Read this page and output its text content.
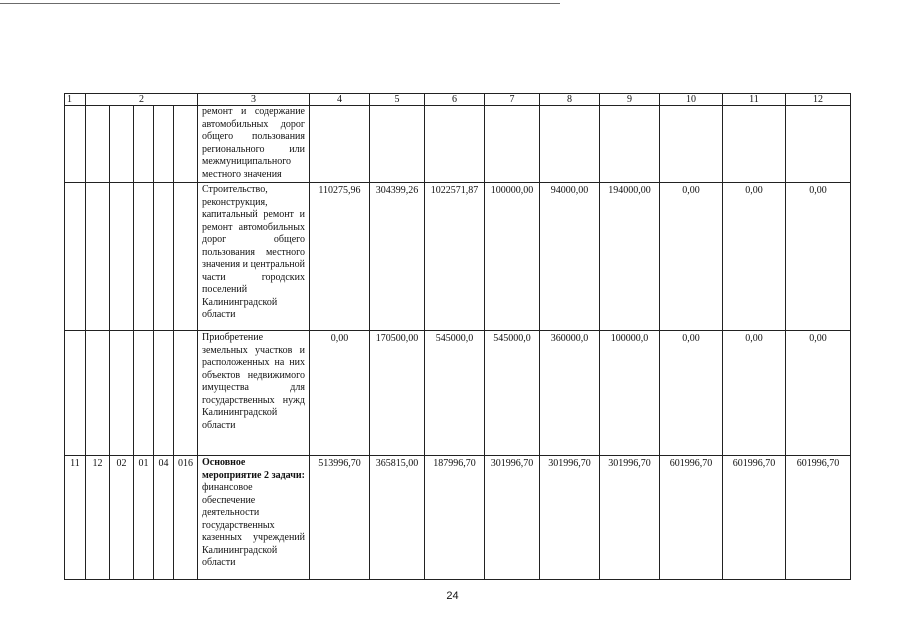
1	2					3	4	5	6	7	8	9	10	11	12
						ремонт и содержание автомобильных дорог общего пользования регионального или межмуниципального местного значения									
						Строительство, реконструкция, капитальный ремонт и ремонт автомобильных дорог общего пользования местного значения и центральной части городских поселений Калининградской области	110275,96	304399,26	1022571,87	100000,00	94000,00	194000,00	0,00	0,00	0,00
						Приобретение земельных участков и расположенных на них объектов недвижимого имущества для государственных нужд Калининградской области	0,00	170500,00	545000,0	545000,0	360000,0	100000,0	0,00	0,00	0,00
11	12	02	01	04	016	Основное мероприятие 2 задачи: финансовое обеспечение деятельности государственных казенных учреждений Калининградской области	513996,70	365815,00	187996,70	301996,70	301996,70	301996,70	601996,70	601996,70	601996,70
24
